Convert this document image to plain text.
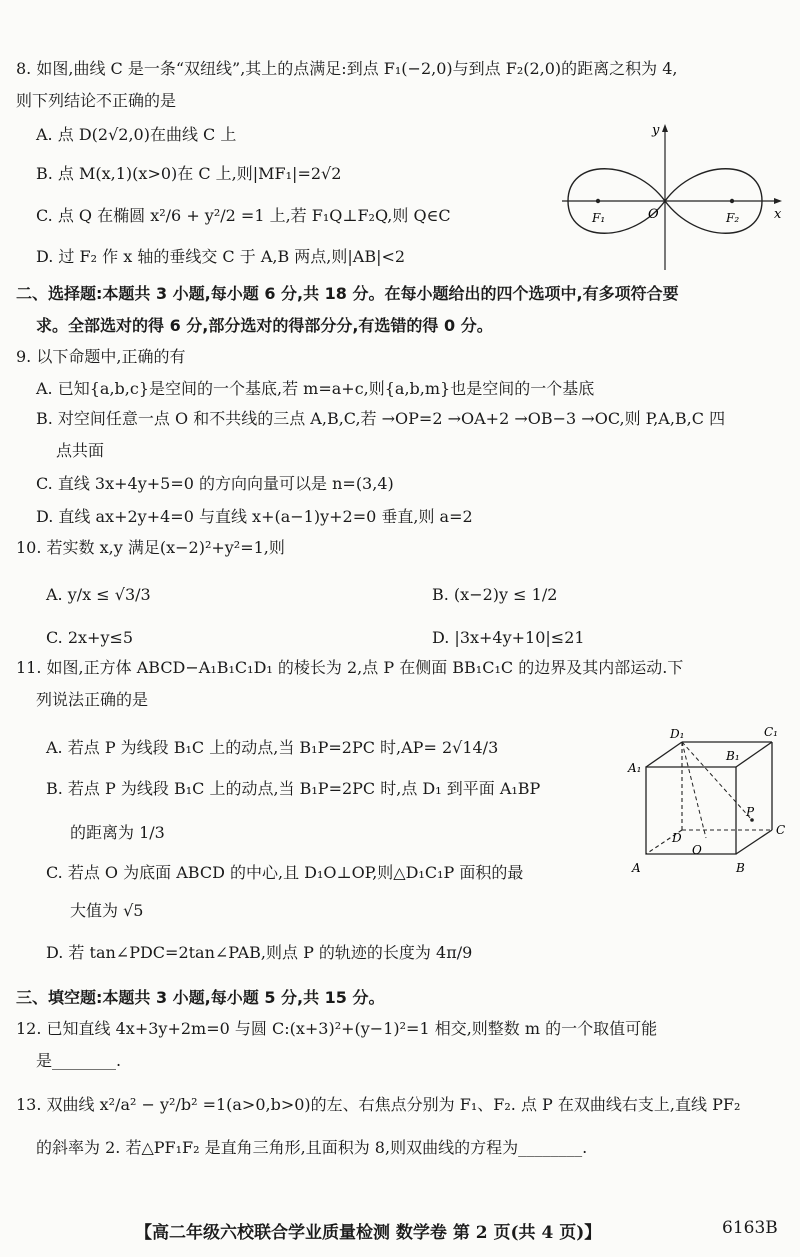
8. 如图,曲线 C 是一条“双纽线”,其上的点满足:到点 F₁(−2,0)与到点 F₂(2,0)的距离之积为 4,
则下列结论不正确的是
A. 点 D(2√2,0)在曲线 C 上
B. 点 M(x,1)(x>0)在 C 上,则|MF₁|=2√2
C. 点 Q 在椭圆 x²/6 + y²/2 =1 上,若 F₁Q⊥F₂Q,则 Q∈C
D. 过 F₂ 作 x 轴的垂线交 C 于 A,B 两点,则|AB|<2
x
y
O
F₁	F₂
二、选择题:本题共 3 小题,每小题 6 分,共 18 分。在每小题给出的四个选项中,有多项符合要
求。全部选对的得 6 分,部分选对的得部分分,有选错的得 0 分。
9. 以下命题中,正确的有
A. 已知{a,b,c}是空间的一个基底,若 m=a+c,则{a,b,m}也是空间的一个基底
B. 对空间任意一点 O 和不共线的三点 A,B,C,若 →OP=2 →OA+2 →OB−3 →OC,则 P,A,B,C 四
点共面
C. 直线 3x+4y+5=0 的方向向量可以是 n=(3,4)
D. 直线 ax+2y+4=0 与直线 x+(a−1)y+2=0 垂直,则 a=2
10. 若实数 x,y 满足(x−2)²+y²=1,则
A. y/x ≤ √3/3	B. (x−2)y ≤ 1/2
C. 2x+y≤5	D. |3x+4y+10|≤21
11. 如图,正方体 ABCD−A₁B₁C₁D₁ 的棱长为 2,点 P 在侧面 BB₁C₁C 的边界及其内部运动.下
列说法正确的是
A. 若点 P 为线段 B₁C 上的动点,当 B₁P=2PC 时,AP= 2√14/3
B. 若点 P 为线段 B₁C 上的动点,当 B₁P=2PC 时,点 D₁ 到平面 A₁BP
的距离为 1/3
C. 若点 O 为底面 ABCD 的中心,且 D₁O⊥OP,则△D₁C₁P 面积的最
大值为 √5
D. 若 tan∠PDC=2tan∠PAB,则点 P 的轨迹的长度为 4π/9
D₁	C₁
B₁
A₁
D
C
A	B
P
O
三、填空题:本题共 3 小题,每小题 5 分,共 15 分。
12. 已知直线 4x+3y+2m=0 与圆 C:(x+3)²+(y−1)²=1 相交,则整数 m 的一个取值可能
是________.
13. 双曲线 x²/a² − y²/b² =1(a>0,b>0)的左、右焦点分别为 F₁、F₂. 点 P 在双曲线右支上,直线 PF₂
的斜率为 2. 若△PF₁F₂ 是直角三角形,且面积为 8,则双曲线的方程为________.
【高二年级六校联合学业质量检测 数学卷 第 2 页(共 4 页)】	6163B
